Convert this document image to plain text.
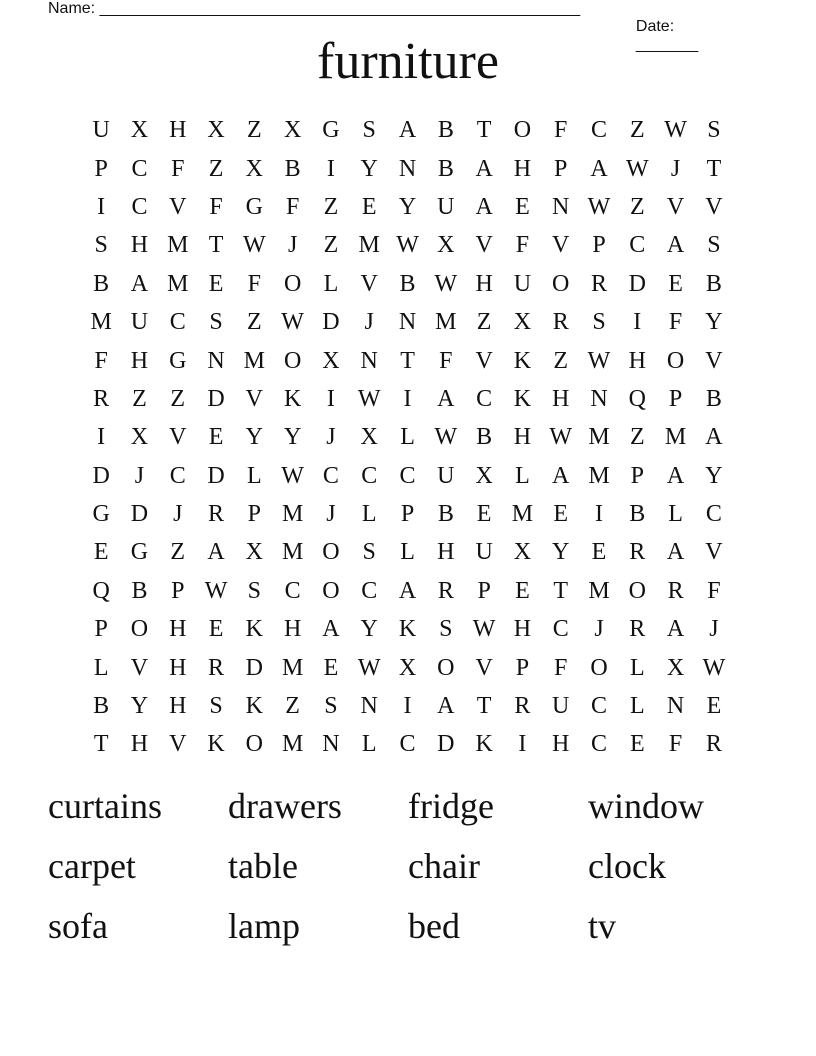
Name: ______________________________________________________

Date:
_______

furniture
U X H X Z X G S A B T O F C Z W S
P C F	Z X B	I	Y N B A H P A W J	T
I	C V F G F	Z E Y U A E N W Z V V
S H M T W J	Z M W X V F V P C A S
B A M E	F O L V B W H U O R D E B
M U C S	Z W D	J	N M Z X R S	I	F Y
F H G N M O X N T	F V K Z W H O V
R Z Z D V K	I W I	A C K H N Q P B
I	X V E Y Y	J	X L W B H W M Z M A
D	J	C D L W C C C U X L A M P A Y
G D	J	R P M J	L	P B E M E	I	B L C
E G Z A X M O S	L H U X Y E R A V
Q B P W S C O C A R P	E T M O R F
P O H E K H A Y K S W H C	J	R A	J
L V H R D M E W X O V P	F O L X W
B Y H S K Z	S N	I	A T R U C L N E
T H V K O M N L C D K	I	H C E	F R
curtains	drawers	fridge	window
carpet	table	chair	clock
sofa	lamp	bed	tv
